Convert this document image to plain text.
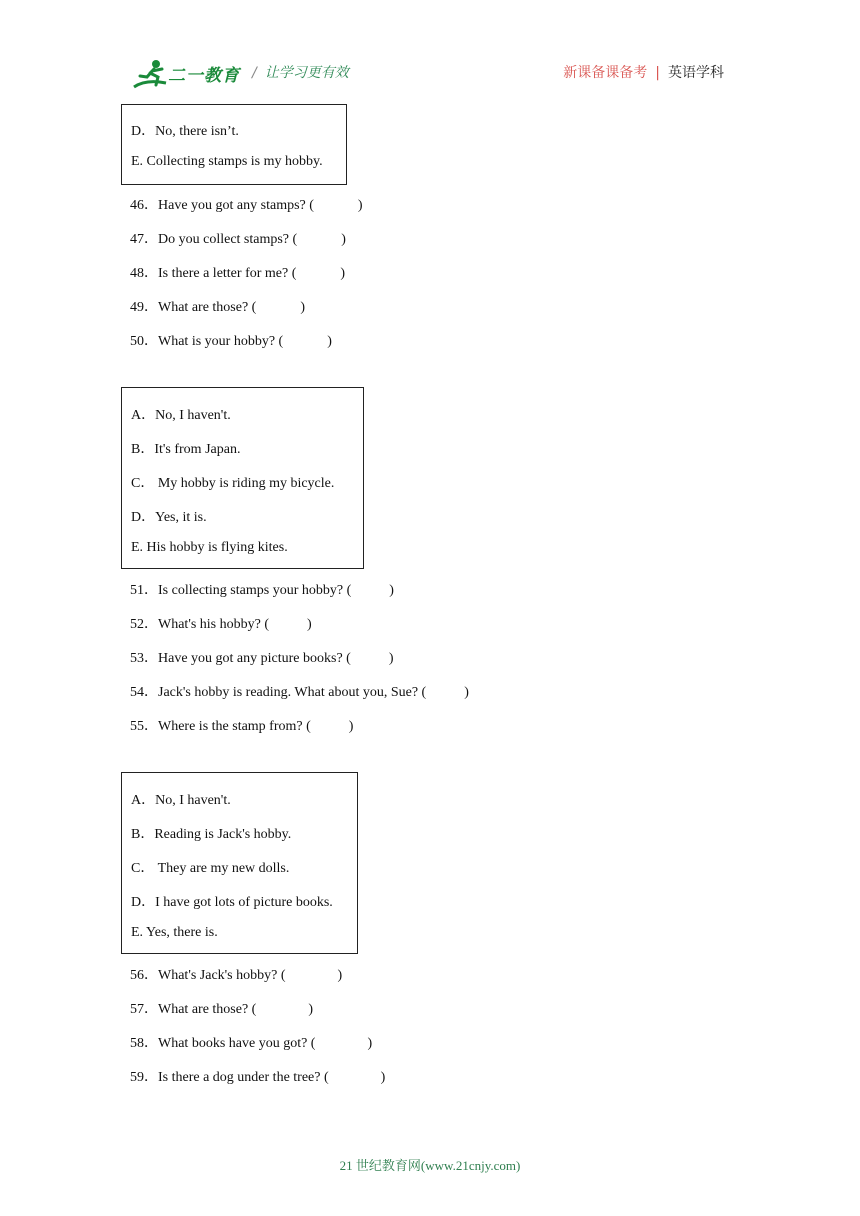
二一教育 / 让学习更有效	新课备课备考 | 英语学科
D．No, there isn’t.
E. Collecting stamps is my hobby.
46．Have you got any stamps? (	)
47．Do you collect stamps? (	)
48．Is there a letter for me? (	)
49．What are those? (	)
50．What is your hobby? (	)
A．No, I haven't.
B．It's from Japan.
C． My hobby is riding my bicycle.
D．Yes, it is.
E. His hobby is flying kites.
51．Is collecting stamps your hobby? (	)
52．What's his hobby? (	)
53．Have you got any picture books? (	)
54．Jack's hobby is reading. What about you, Sue? (	)
55．Where is the stamp from? (	)
A．No, I haven't.
B．Reading is Jack's hobby.
C． They are my new dolls.
D．I have got lots of picture books.
E. Yes, there is.
56．What's Jack's hobby? (	)
57．What are those? (	)
58．What books have you got? (	)
59．Is there a dog under the tree? (	)
21 世纪教育网(www.21cnjy.com)
